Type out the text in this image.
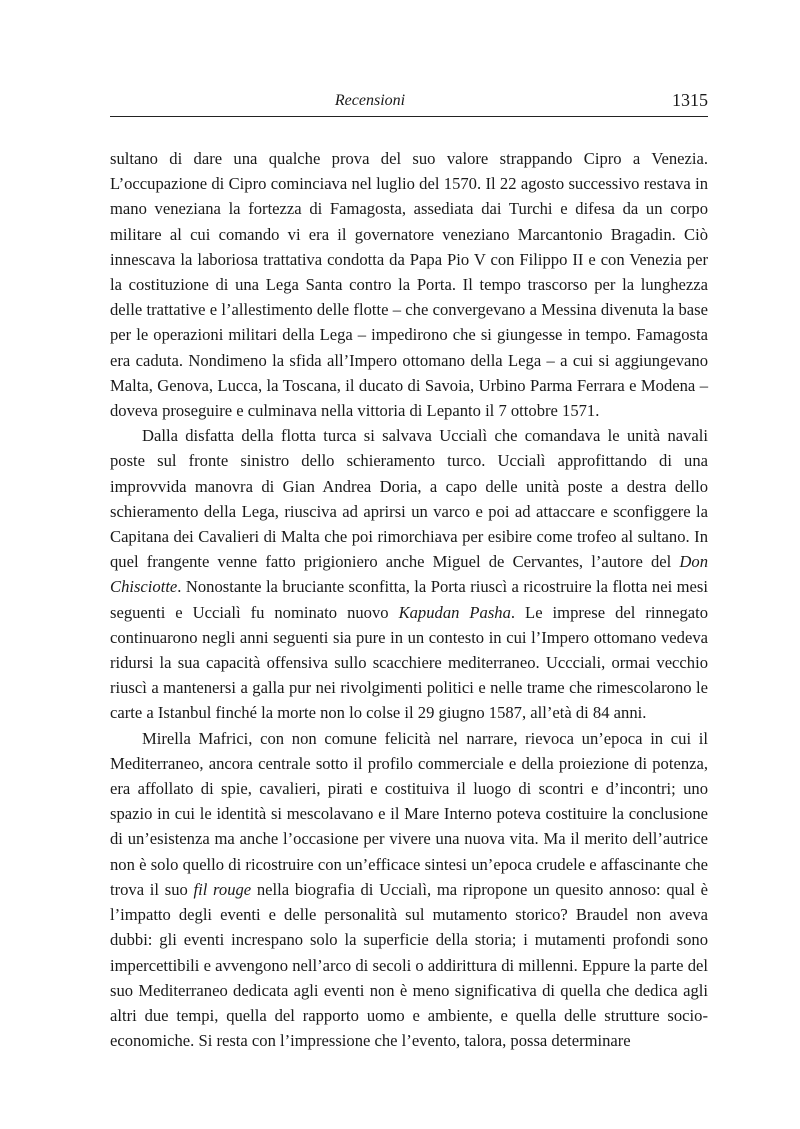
Recensioni	1315

sultano di dare una qualche prova del suo valore strappando Cipro a Venezia. L’occupazione di Cipro cominciava nel luglio del 1570. Il 22 agosto successivo restava in mano veneziana la fortezza di Famagosta, assediata dai Turchi e difesa da un corpo militare al cui comando vi era il governatore veneziano Marcantonio Bragadin. Ciò innescava la laboriosa trattativa condotta da Papa Pio V con Filippo II e con Venezia per la costituzione di una Lega Santa contro la Porta. Il tempo trascorso per la lunghezza delle trattative e l’allestimento delle flotte – che convergevano a Messina divenuta la base per le operazioni militari della Lega – impedirono che si giungesse in tempo. Famagosta era caduta. Nondimeno la sfida all’Impero ottomano della Lega – a cui si aggiungevano Malta, Genova, Lucca, la Toscana, il ducato di Savoia, Urbino Parma Ferrara e Modena – doveva proseguire e culminava nella vittoria di Lepanto il 7 ottobre 1571.

Dalla disfatta della flotta turca si salvava Uccialì che comandava le unità navali poste sul fronte sinistro dello schieramento turco. Uccialì approfittando di una improvvida manovra di Gian Andrea Doria, a capo delle unità poste a destra dello schieramento della Lega, riusciva ad aprirsi un varco e poi ad attaccare e sconfiggere la Capitana dei Cavalieri di Malta che poi rimorchiava per esibire come trofeo al sultano. In quel frangente venne fatto prigioniero anche Miguel de Cervantes, l’autore del Don Chisciotte. Nonostante la bruciante sconfitta, la Porta riuscì a ricostruire la flotta nei mesi seguenti e Uccialì fu nominato nuovo Kapudan Pasha. Le imprese del rinnegato continuarono negli anni seguenti sia pure in un contesto in cui l’Impero ottomano vedeva ridursi la sua capacità offensiva sullo scacchiere mediterraneo. Uccciali, ormai vecchio riuscì a mantenersi a galla pur nei rivolgimenti politici e nelle trame che rimescolarono le carte a Istanbul finché la morte non lo colse il 29 giugno 1587, all’età di 84 anni.

Mirella Mafrici, con non comune felicità nel narrare, rievoca un’epoca in cui il Mediterraneo, ancora centrale sotto il profilo commerciale e della proiezione di potenza, era affollato di spie, cavalieri, pirati e costituiva il luogo di scontri e d’incontri; uno spazio in cui le identità si mescolavano e il Mare Interno poteva costituire la conclusione di un’esistenza ma anche l’occasione per vivere una nuova vita. Ma il merito dell’autrice non è solo quello di ricostruire con un’efficace sintesi un’epoca crudele e affascinante che trova il suo fil rouge nella biografia di Uccialì, ma ripropone un quesito annoso: qual è l’impatto degli eventi e delle personalità sul mutamento storico? Braudel non aveva dubbi: gli eventi increspano solo la superficie della storia; i mutamenti profondi sono impercettibili e avvengono nell’arco di secoli o addirittura di millenni. Eppure la parte del suo Mediterraneo dedicata agli eventi non è meno significativa di quella che dedica agli altri due tempi, quella del rapporto uomo e ambiente, e quella delle strutture socioeconomiche. Si resta con l’impressione che l’evento, talora, possa determinare
